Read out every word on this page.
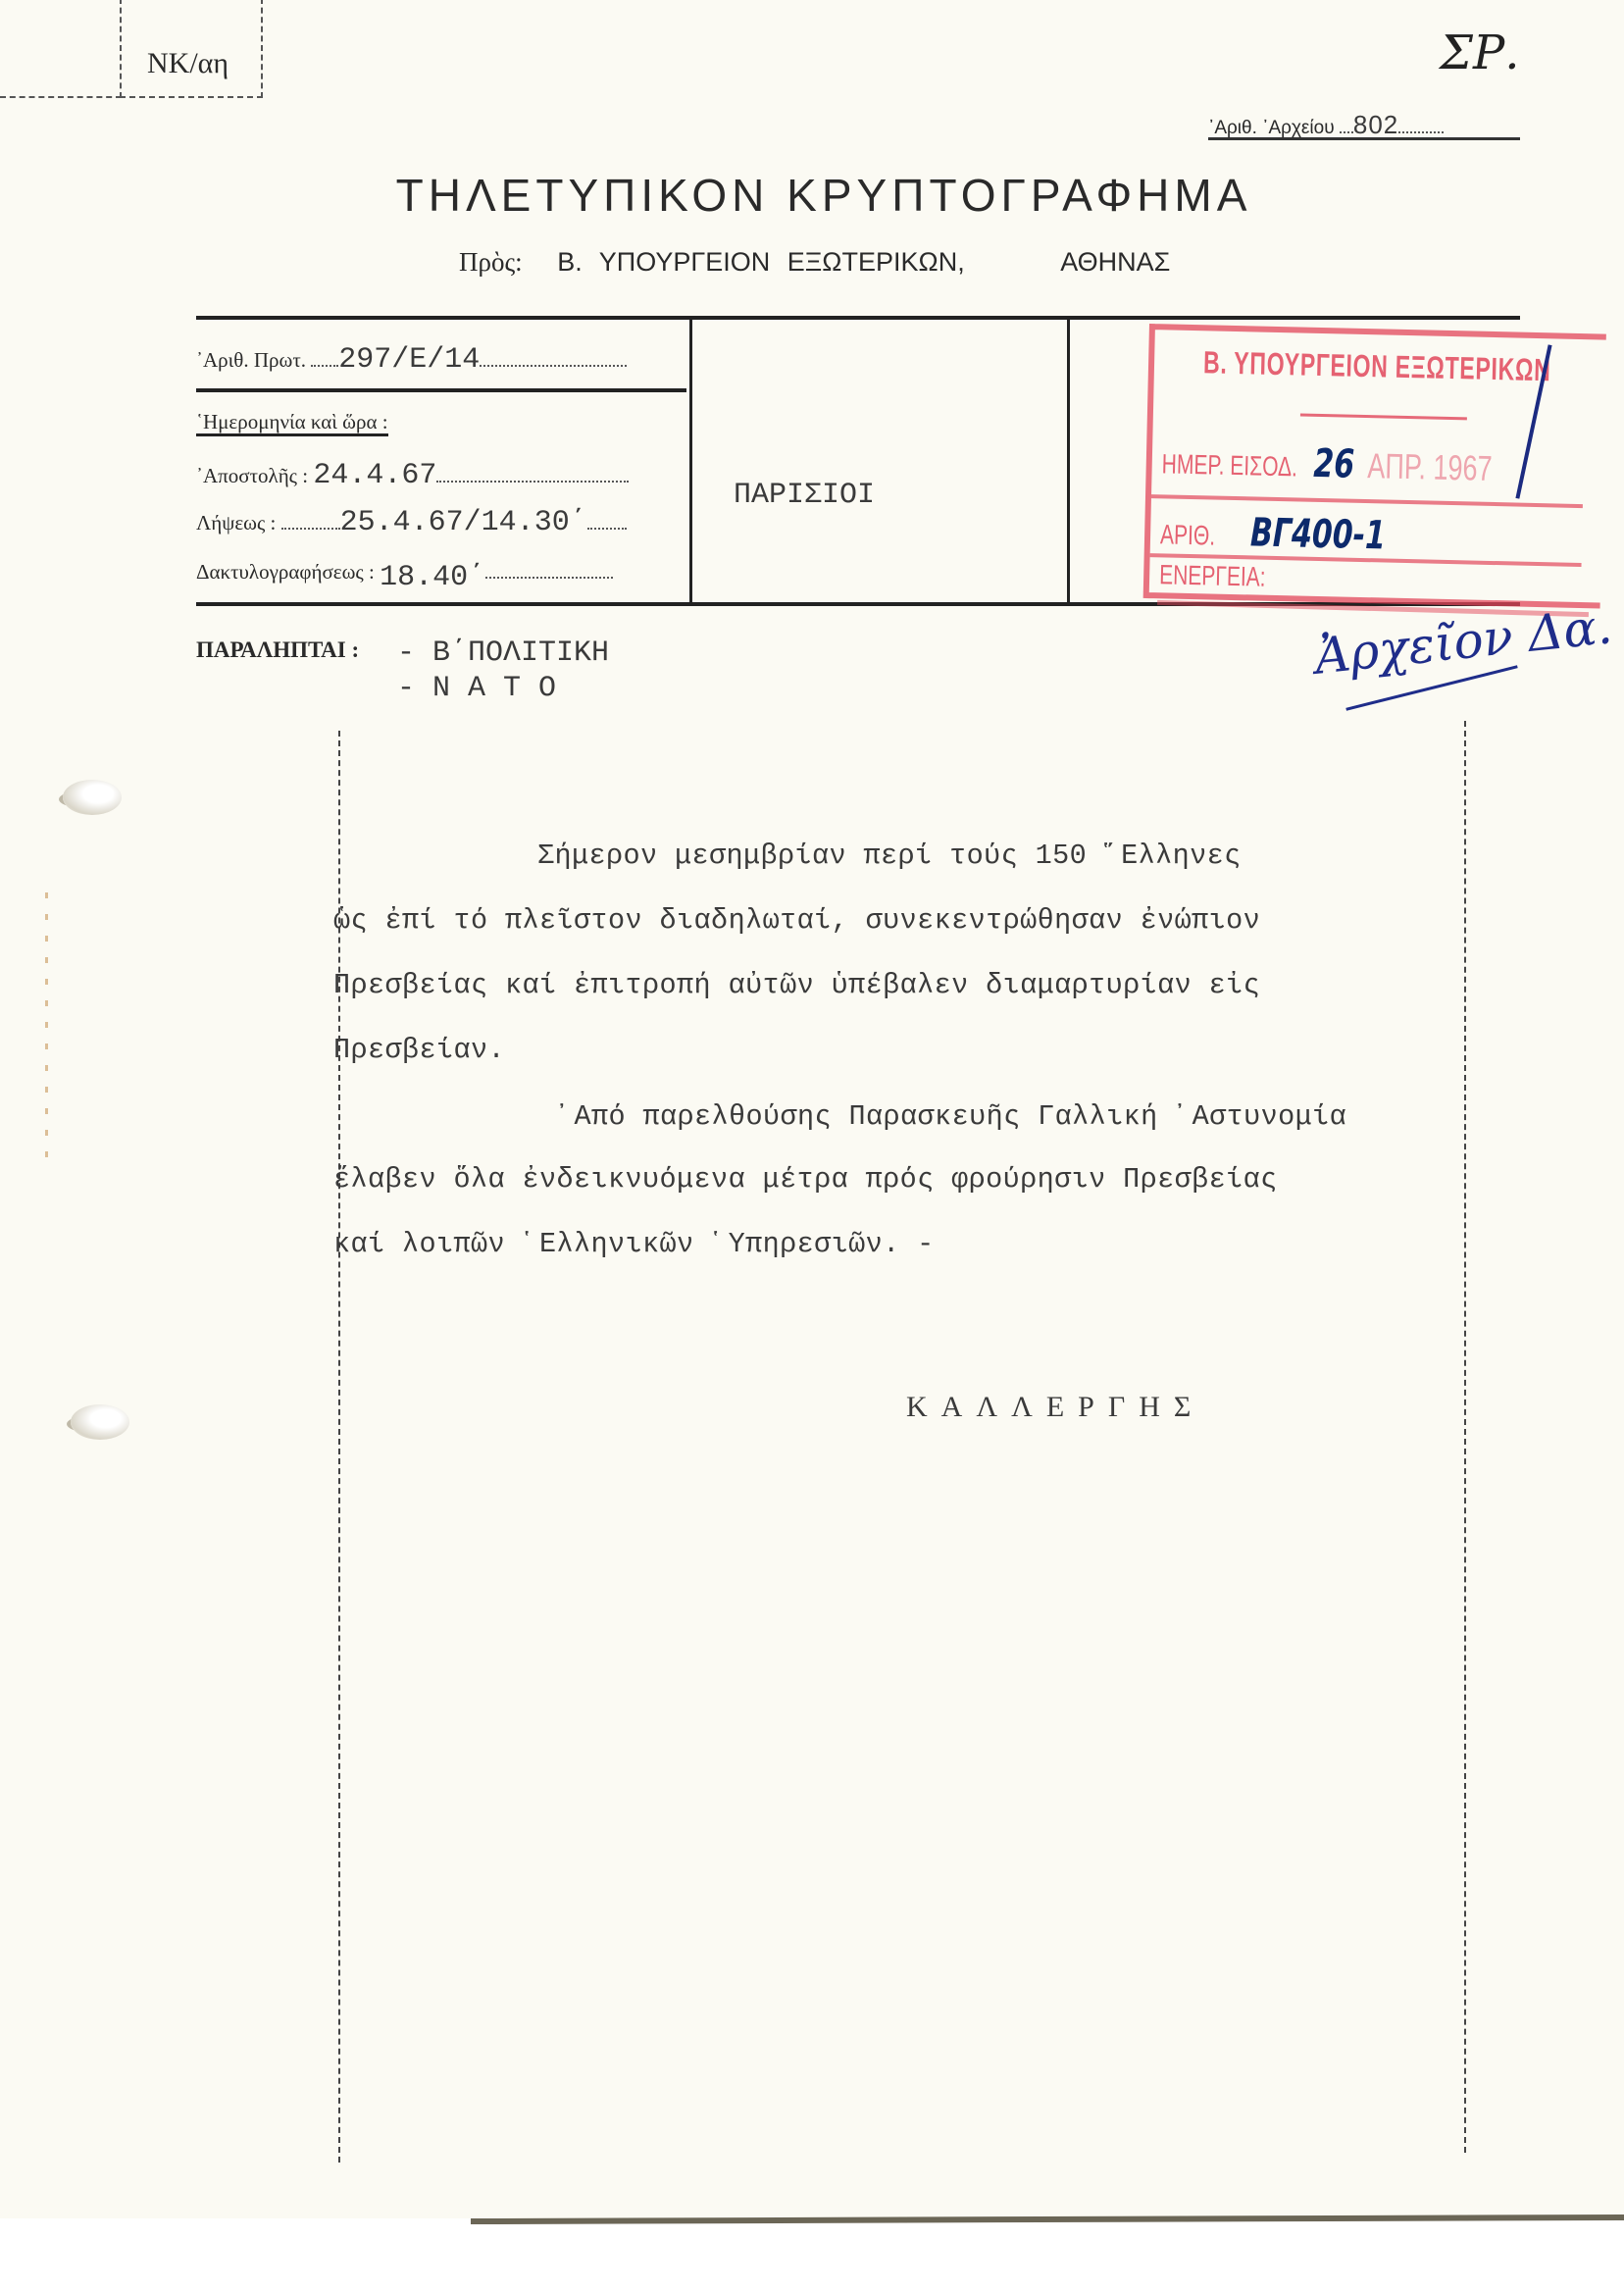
NK/αη	ΣΡ.
᾿Αριθ. ᾿Αρχείου 802
ΤΗΛΕΤΥΠΙΚΟΝ ΚΡΥΠΤΟΓΡΑΦΗΜΑ
Πρὸς: Β. ΥΠΟΥΡΓΕΙΟΝ ΕΞΩΤΕΡΙΚΩΝ,	ΑΘΗΝΑΣ
᾿Αριθ. Πρωτ. 297/Ε/14
῾Ημερομηνία καὶ ὥρα :
᾿Αποστολῆς : 24.4.67
Λήψεως : 25.4.67/14.30΄
Δακτυλογραφήσεως : 18.40΄
ΠΑΡΙΣΙΟΙ
Β. ΥΠΟΥΡΓΕΙΟΝ ΕΞΩΤΕΡΙΚΩΝ
ΗΜΕΡ. ΕΙΣΟΔ. 26 ΑΠΡ. 1967
ΑΡΙΘ. ΒΓ400-1
ΕΝΕΡΓΕΙΑ:
ΠΑΡΑΛΗΠΤΑΙ : - Β΄ΠΟΛΙΤΙΚΗ
- Ν Α Τ Ο
Ἀρχεῖον Δα.
Σήμερον μεσημβρίαν περί τούς 150 ῞Ελληνες
ὡς ἐπί τό πλεῖστον διαδηλωταί, συνεκεντρώθησαν ἐνώπιον
Πρεσβείας καί ἐπιτροπή αὐτῶν ὑπέβαλεν διαμαρτυρίαν εἰς
Πρεσβείαν.
᾿Από παρελθούσης Παρασκευῆς Γαλλική ᾿Αστυνομία
ἔλαβεν ὅλα ἐνδεικνυόμενα μέτρα πρός φρούρησιν Πρεσβείας
καί λοιπῶν ῾Ελληνικῶν ῾Υπηρεσιῶν. -
ΚΑΛΛΕΡΓΗΣ
